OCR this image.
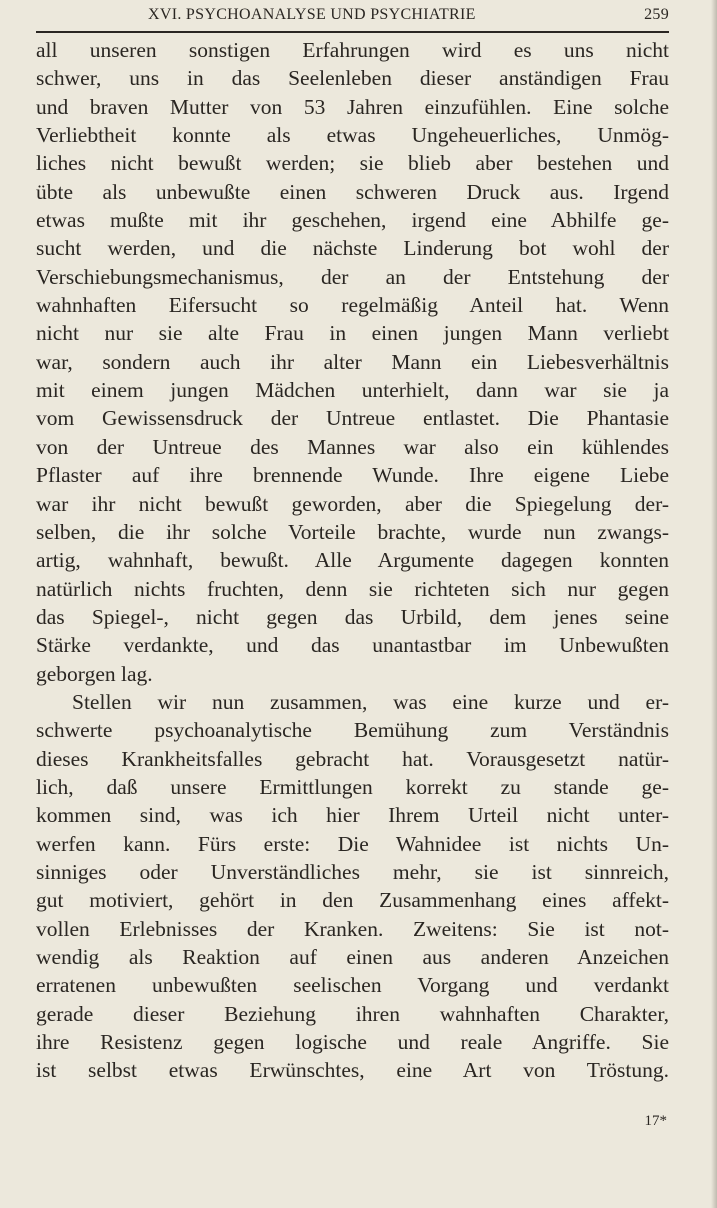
XVI. PSYCHOANALYSE UND PSYCHIATRIE	259
all unseren sonstigen Erfahrungen wird es uns nicht
schwer, uns in das Seelenleben dieser anständigen Frau
und braven Mutter von 53 Jahren einzufühlen. Eine solche
Verliebtheit konnte als etwas Ungeheuerliches, Unmög-
liches nicht bewußt werden; sie blieb aber bestehen und
übte als unbewußte einen schweren Druck aus. Irgend
etwas mußte mit ihr geschehen, irgend eine Abhilfe ge-
sucht werden, und die nächste Linderung bot wohl der
Verschiebungsmechanismus, der an der Entstehung der
wahnhaften Eifersucht so regelmäßig Anteil hat. Wenn
nicht nur sie alte Frau in einen jungen Mann verliebt
war, sondern auch ihr alter Mann ein Liebesverhältnis
mit einem jungen Mädchen unterhielt, dann war sie ja
vom Gewissensdruck der Untreue entlastet. Die Phantasie
von der Untreue des Mannes war also ein kühlendes
Pflaster auf ihre brennende Wunde. Ihre eigene Liebe
war ihr nicht bewußt geworden, aber die Spiegelung der-
selben, die ihr solche Vorteile brachte, wurde nun zwangs-
artig, wahnhaft, bewußt. Alle Argumente dagegen konnten
natürlich nichts fruchten, denn sie richteten sich nur gegen
das Spiegel-, nicht gegen das Urbild, dem jenes seine
Stärke verdankte, und das unantastbar im Unbewußten
geborgen lag.
Stellen wir nun zusammen, was eine kurze und er-
schwerte psychoanalytische Bemühung zum Verständnis
dieses Krankheitsfalles gebracht hat. Vorausgesetzt natür-
lich, daß unsere Ermittlungen korrekt zu stande ge-
kommen sind, was ich hier Ihrem Urteil nicht unter-
werfen kann. Fürs erste: Die Wahnidee ist nichts Un-
sinniges oder Unverständliches mehr, sie ist sinnreich,
gut motiviert, gehört in den Zusammenhang eines affekt-
vollen Erlebnisses der Kranken. Zweitens: Sie ist not-
wendig als Reaktion auf einen aus anderen Anzeichen
erratenen unbewußten seelischen Vorgang und verdankt
gerade dieser Beziehung ihren wahnhaften Charakter,
ihre Resistenz gegen logische und reale Angriffe. Sie
ist selbst etwas Erwünschtes, eine Art von Tröstung.
17*
